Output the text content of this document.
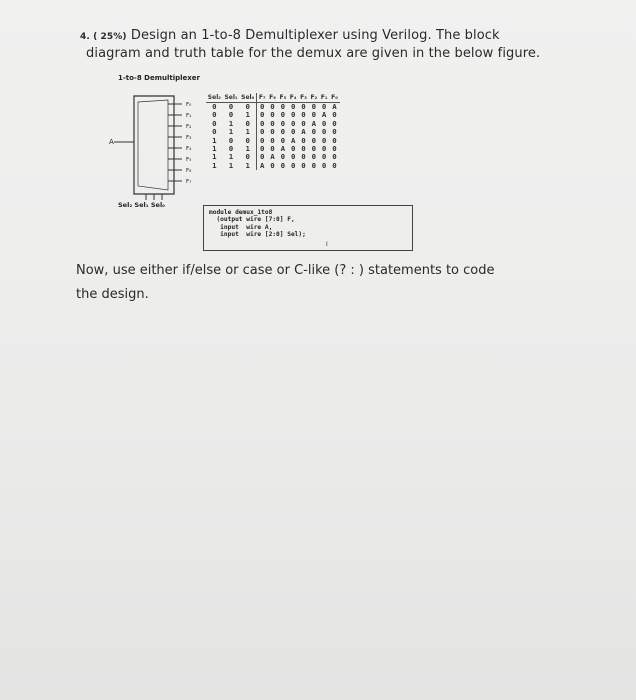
4. ( 25%) Design an 1-to-8 Demultiplexer using Verilog. The block
diagram and truth table for the demux are given in the below figure.
1-to-8 Demultiplexer
A
F₀
F₁
F₂
F₃
F₄
F₅
F₆
F₇
Sel₂ Sel₁ Sel₀
Sel₂	Sel₁	Sel₀	F₇	F₆	F₅	F₄	F₃	F₂	F₁	F₀
0	0	0	0	0	0	0	0	0	0	A
0	0	1	0	0	0	0	0	0	A	0
0	1	0	0	0	0	0	0	A	0	0
0	1	1	0	0	0	0	A	0	0	0
1	0	0	0	0	0	A	0	0	0	0
1	0	1	0	0	A	0	0	0	0	0
1	1	0	0	A	0	0	0	0	0	0
1	1	1	A	0	0	0	0	0	0	0
module demux_1to8
(output wire [7:0] F,
input  wire A,
input  wire [2:0] Sel);
I
Now, use either if/else or case or C-like (? : ) statements to code
the design.
